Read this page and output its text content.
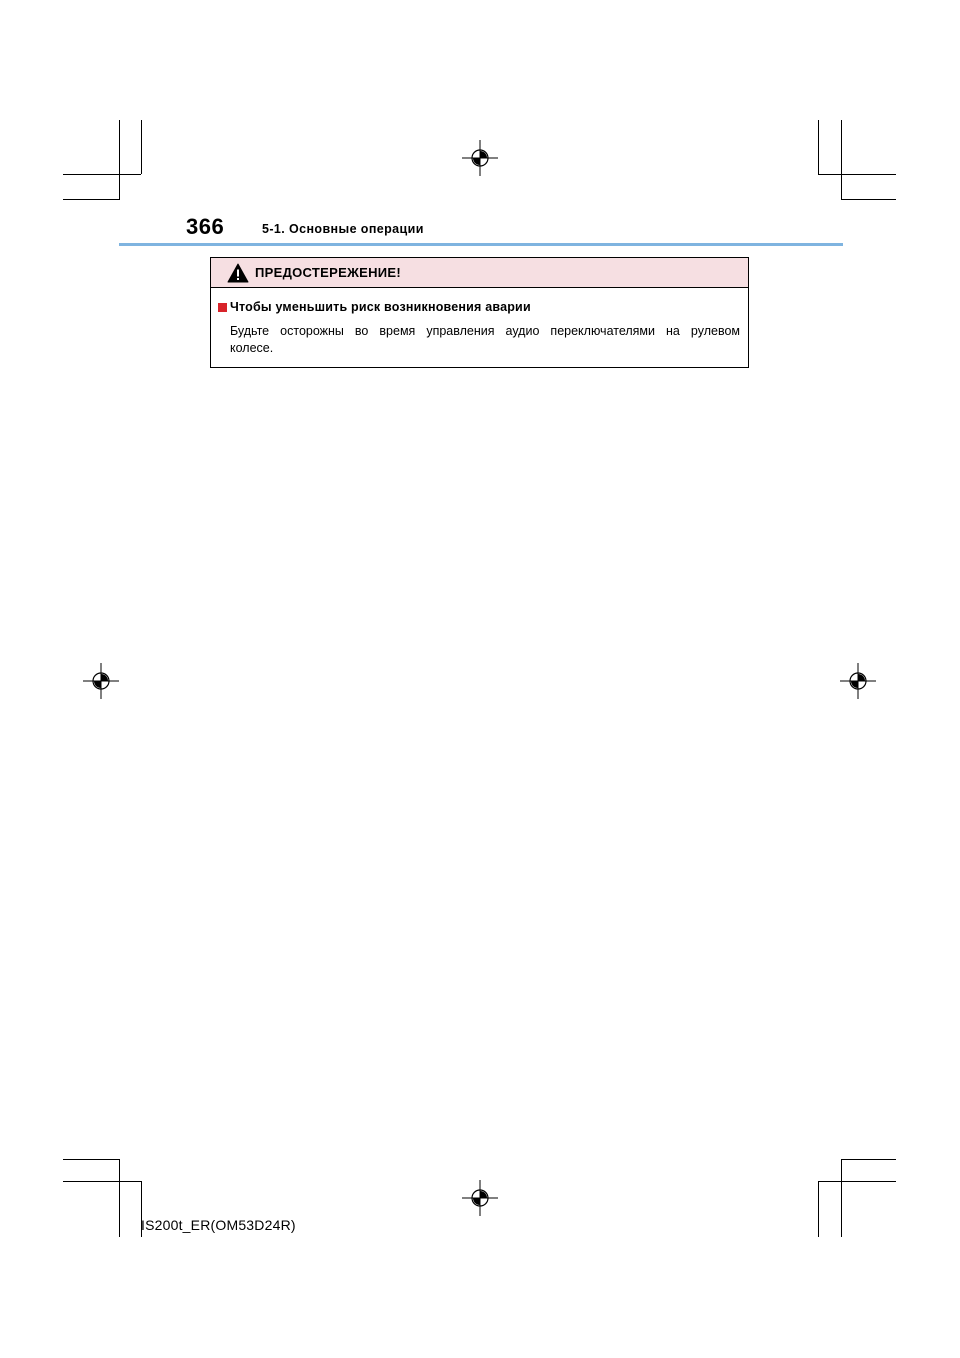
366	5-1. Основные операции
ПРЕДОСТЕРЕЖЕНИЕ!
Чтобы уменьшить риск возникновения аварии
Будьте осторожны во время управления аудио переключателями на рулевом колесе.
IS200t_ER(OM53D24R)
